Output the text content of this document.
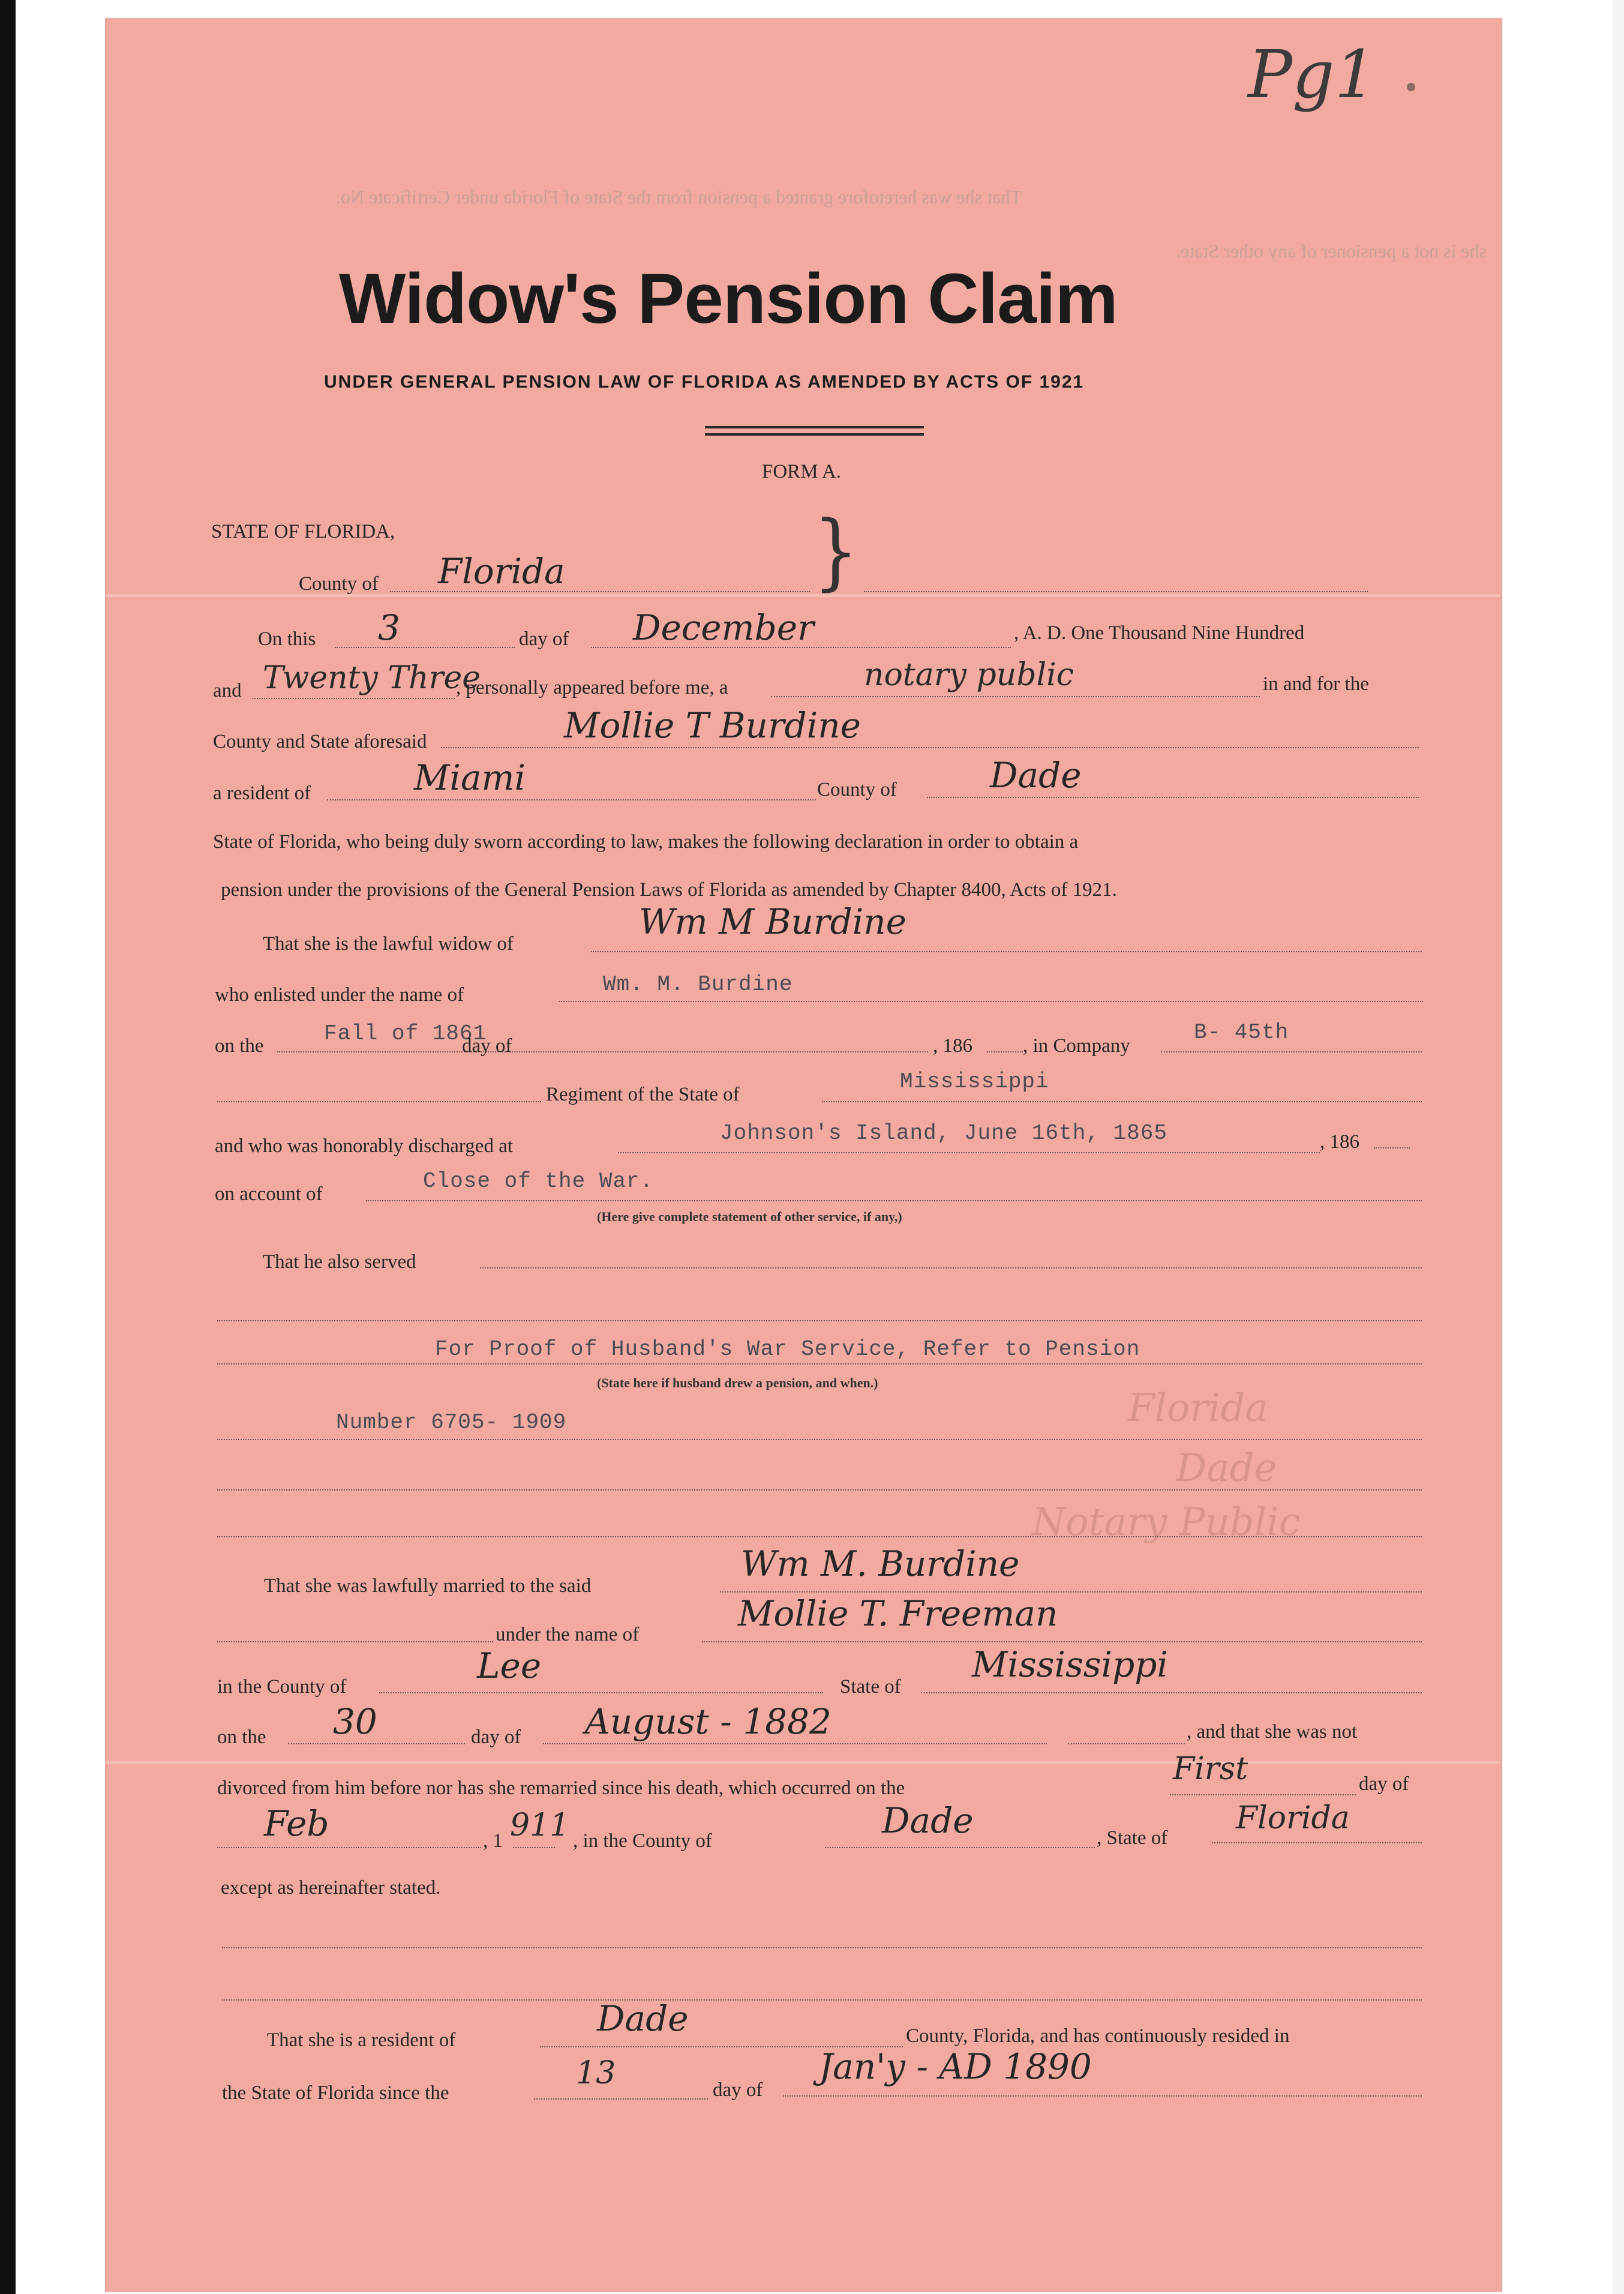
That she was heretofore granted a pension from the State of Florida under Certificate No.
she is not a pensioner of any other State.
Florida
Dade
Notary Public
Pg1
Widow's Pension Claim
UNDER GENERAL PENSION LAW OF FLORIDA AS AMENDED BY ACTS OF 1921
FORM A.
STATE OF FLORIDA,
County of Florida	}
On this 3	day of December	, A. D. One Thousand Nine Hundred
and Twenty Three
, personally appeared before me, a	notary public	in and for the
County and State aforesaid	Mollie T Burdine
a resident of	Miami	County of	Dade
State of Florida, who being duly sworn according to law, makes the following declaration in order to obtain a
pension under the provisions of the General Pension Laws of Florida as amended by Chapter 8400, Acts of 1921.
That she is the lawful widow of
Wm M Burdine
who enlisted under the name of	Wm. M. Burdine
on the	Fall of 1861
day of	, 186	, in Company
B- 45th
Regiment of the State of
Mississippi
and who was honorably discharged at
Johnson's Island, June 16th, 1865	, 186
on account of
Close of the War.
(Here give complete statement of other service, if any,)
That he also served
For Proof of Husband's War Service, Refer to Pension
(State here if husband drew a pension, and when.)
Number 6705- 1909
That she was lawfully married to the said
Wm M. Burdine
under the name of
Mollie T. Freeman
in the County of
Lee
State of
Mississippi
on the 30	day of August - 1882	, and that she was not
divorced from him before nor has she remarried since his death, which occurred on the
First	day of
Feb	, 1 911 , in the County of	Dade	, State of
Florida
except as hereinafter stated.
That she is a resident of
Dade	County, Florida, and has continuously resided in
the State of Florida since the
13	day of
Jan'y - AD 1890
